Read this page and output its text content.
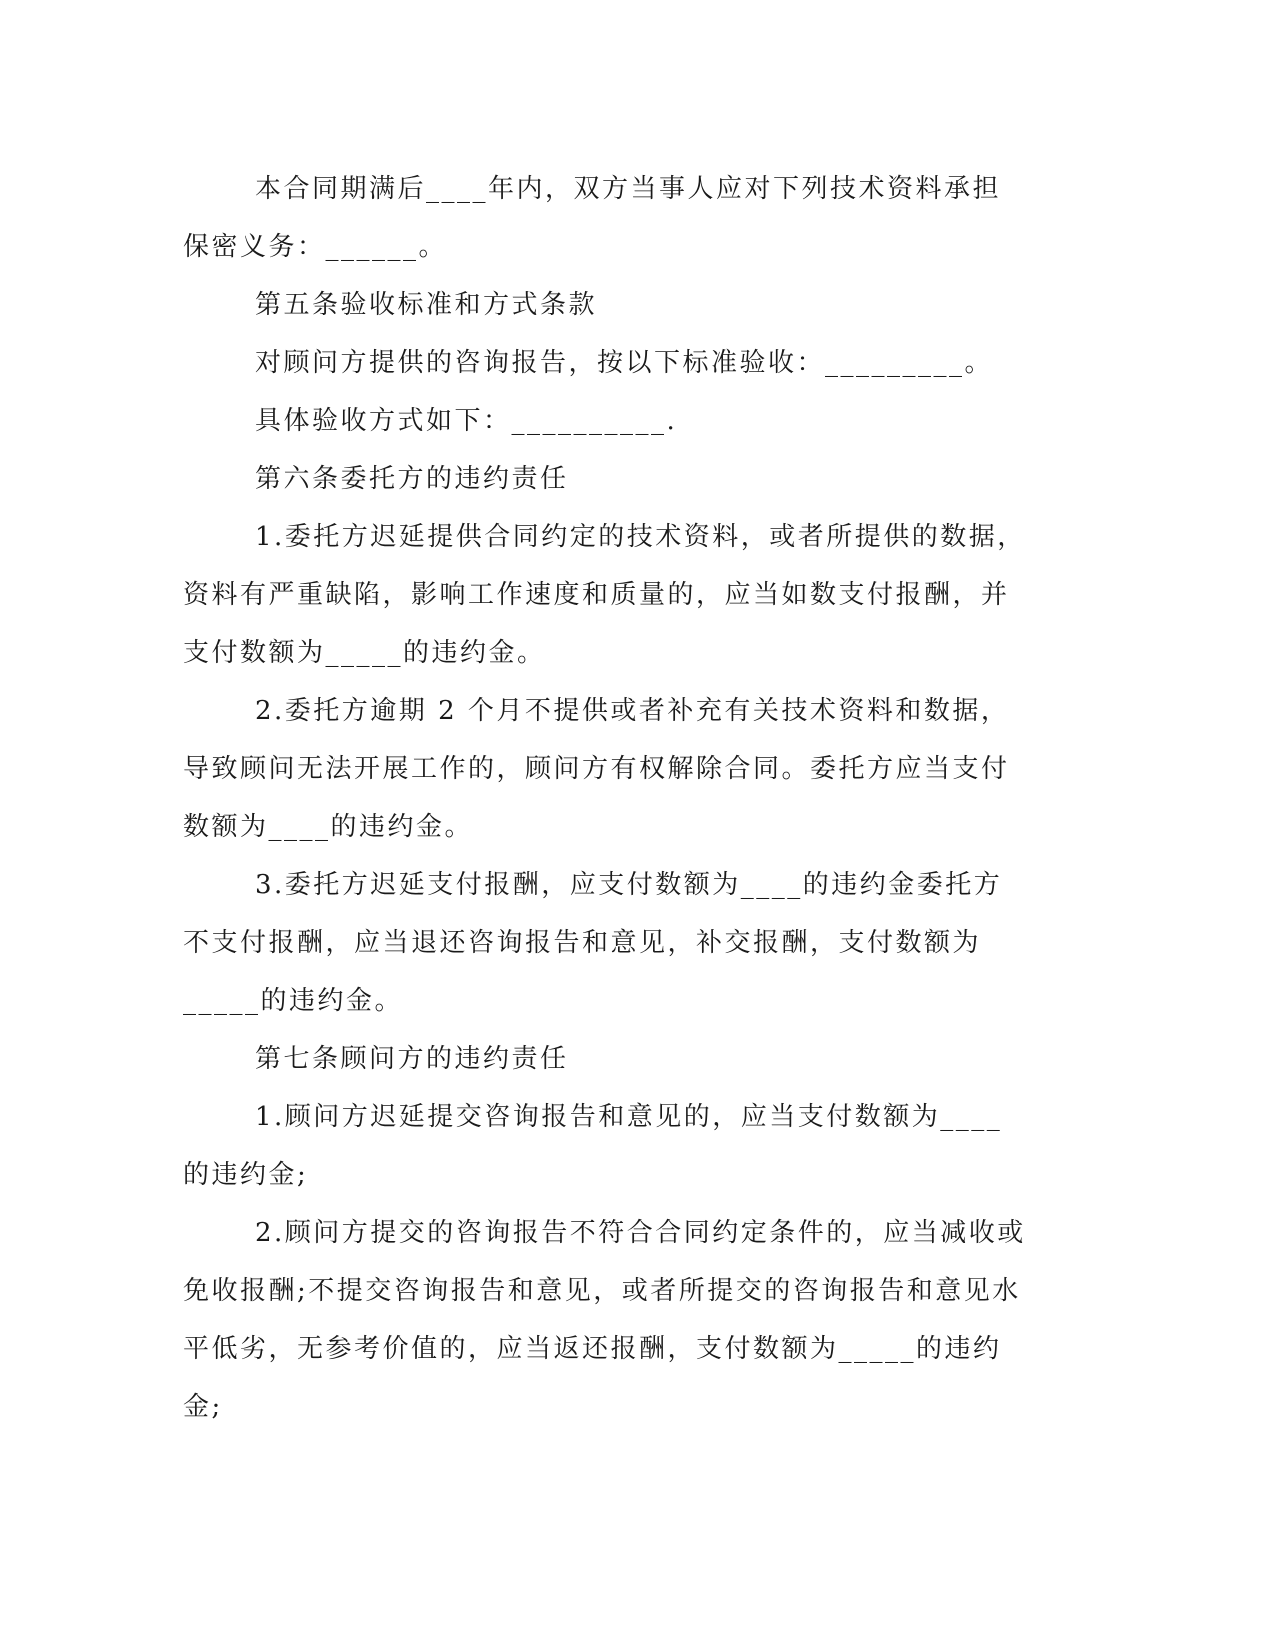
本合同期满后____年内，双方当事人应对下列技术资料承担保密义务：______。

第五条验收标准和方式条款

对顾问方提供的咨询报告，按以下标准验收：_________。

具体验收方式如下：__________.

第六条委托方的违约责任

1.委托方迟延提供合同约定的技术资料，或者所提供的数据，资料有严重缺陷，影响工作速度和质量的，应当如数支付报酬，并支付数额为_____的违约金。

2.委托方逾期 2 个月不提供或者补充有关技术资料和数据，导致顾问无法开展工作的，顾问方有权解除合同。委托方应当支付数额为____的违约金。

3.委托方迟延支付报酬，应支付数额为____的违约金委托方不支付报酬，应当退还咨询报告和意见，补交报酬，支付数额为_____的违约金。

第七条顾问方的违约责任

1.顾问方迟延提交咨询报告和意见的，应当支付数额为____的违约金;

2.顾问方提交的咨询报告不符合合同约定条件的，应当减收或免收报酬;不提交咨询报告和意见，或者所提交的咨询报告和意见水平低劣，无参考价值的，应当返还报酬，支付数额为_____的违约金;
